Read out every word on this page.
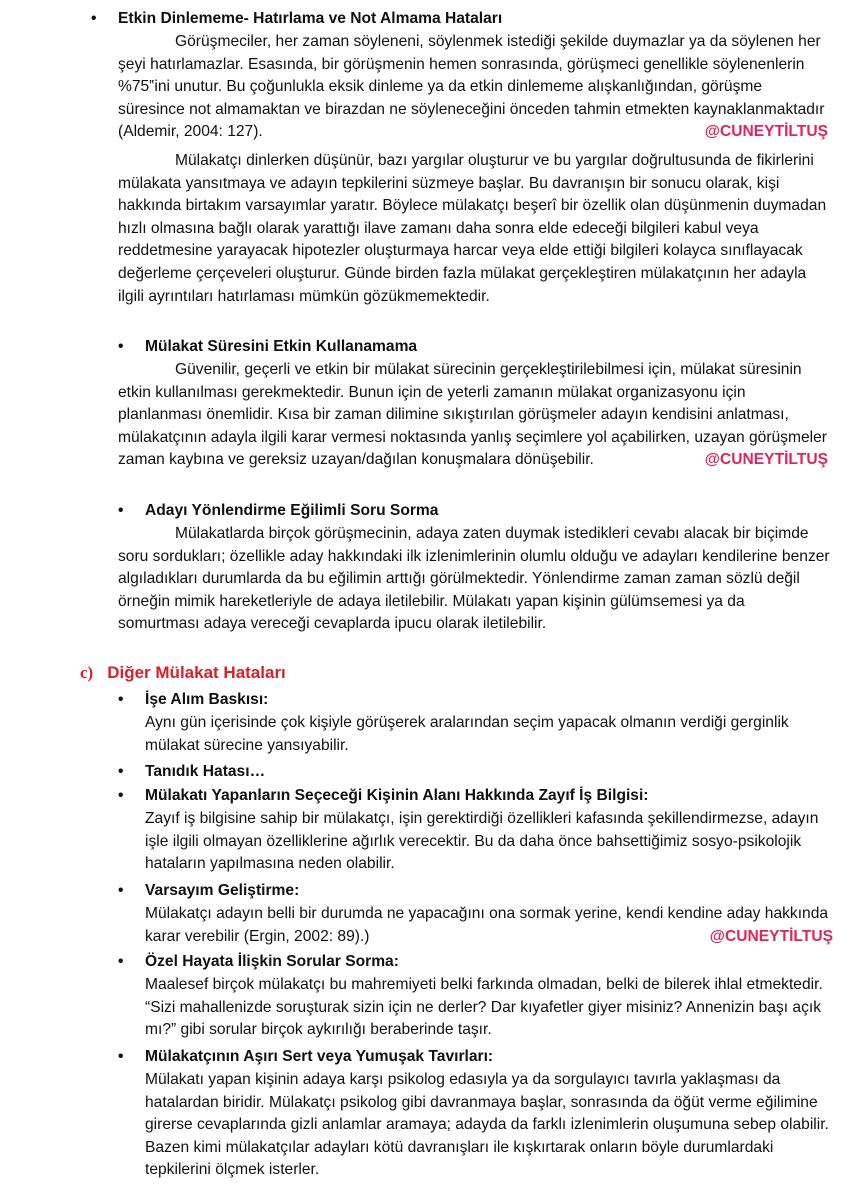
• Etkin Dinlememe- Hatırlama ve Not Almama Hataları

Görüşmeciler, her zaman söyleneni, söylenmek istediği şekilde duymazlar ya da söylenen her şeyi hatırlamazlar. Esasında, bir görüşmenin hemen sonrasında, görüşmeci genellikle söylenenlerin %75‟ini unutur. Bu çoğunlukla eksik dinleme ya da etkin dinlememe alışkanlığından, görüşme süresince not almamaktan ve birazdan ne söyleneceğini önceden tahmin etmekten kaynaklanmaktadır (Aldemir, 2004: 127).	@CUNEYTİLTUŞ

Mülakatçı dinlerken düşünür, bazı yargılar oluşturur ve bu yargılar doğrultusunda de fikirlerini mülakata yansıtmaya ve adayın tepkilerini süzmeye başlar. Bu davranışın bir sonucu olarak, kişi hakkında birtakım varsayımlar yaratır. Böylece mülakatçı beşerî bir özellik olan düşünmenin duymadan hızlı olmasına bağlı olarak yarattığı ilave zamanı daha sonra elde edeceği bilgileri kabul veya reddetmesine yarayacak hipotezler oluşturmaya harcar veya elde ettiği bilgileri kolayca sınıflayacak değerleme çerçeveleri oluşturur. Günde birden fazla mülakat gerçekleştiren mülakatçının her adayla ilgili ayrıntıları hatırlaması mümkün gözükmemektedir.

• Mülakat Süresini Etkin Kullanamama

Güvenilir, geçerli ve etkin bir mülakat sürecinin gerçekleştirilebilmesi için, mülakat süresinin etkin kullanılması gerekmektedir. Bunun için de yeterli zamanın mülakat organizasyonu için planlanması önemlidir. Kısa bir zaman dilimine sıkıştırılan görüşmeler adayın kendisini anlatması, mülakatçının adayla ilgili karar vermesi noktasında yanlış seçimlere yol açabilirken, uzayan görüşmeler zaman kaybına ve gereksiz uzayan/dağılan konuşmalara dönüşebilir.	@CUNEYTİLTUŞ

• Adayı Yönlendirme Eğilimli Soru Sorma

Mülakatlarda birçok görüşmecinin, adaya zaten duymak istedikleri cevabı alacak bir biçimde soru sordukları; özellikle aday hakkındaki ilk izlenimlerinin olumlu olduğu ve adayları kendilerine benzer algıladıkları durumlarda da bu eğilimin arttığı görülmektedir. Yönlendirme zaman zaman sözlü değil örneğin mimik hareketleriyle de adaya iletilebilir. Mülakatı yapan kişinin gülümsemesi ya da somurtması adaya vereceği cevaplarda ipucu olarak iletilebilir.

c) Diğer Mülakat Hataları
• İşe Alım Baskısı:

Aynı gün içerisinde çok kişiyle görüşerek aralarından seçim yapacak olmanın verdiği gerginlik mülakat sürecine yansıyabilir.

• Tanıdık Hatası…
• Mülakatı Yapanların Seçeceği Kişinin Alanı Hakkında Zayıf İş Bilgisi:

Zayıf iş bilgisine sahip bir mülakatçı, işin gerektirdiği özellikleri kafasında şekillendirmezse, adayın işle ilgili olmayan özelliklerine ağırlık verecektir. Bu da daha önce bahsettiğimiz sosyo-psikolojik hataların yapılmasına neden olabilir.

• Varsayım Geliştirme:

Mülakatçı adayın belli bir durumda ne yapacağını ona sormak yerine, kendi kendine aday hakkında karar verebilir (Ergin, 2002: 89).)	@CUNEYTİLTUŞ

• Özel Hayata İlişkin Sorular Sorma:

Maalesef birçok mülakatçı bu mahremiyeti belki farkında olmadan, belki de bilerek ihlal etmektedir. “Sizi mahallenizde soruşturak sizin için ne derler? Dar kıyafetler giyer misiniz? Annenizin başı açık mı?” gibi sorular birçok aykırılığı beraberinde taşır.

• Mülakatçının Aşırı Sert veya Yumuşak Tavırları:

Mülakatı yapan kişinin adaya karşı psikolog edasıyla ya da sorgulayıcı tavırla yaklaşması da hatalardan biridir. Mülakatçı psikolog gibi davranmaya başlar, sonrasında da öğüt verme eğilimine girerse cevaplarında gizli anlamlar aramaya; adayda da farklı izlenimlerin oluşumuna sebep olabilir. Bazen kimi mülakatçılar adayları kötü davranışları ile kışkırtarak onların böyle durumlardaki tepkilerini ölçmek isterler.
